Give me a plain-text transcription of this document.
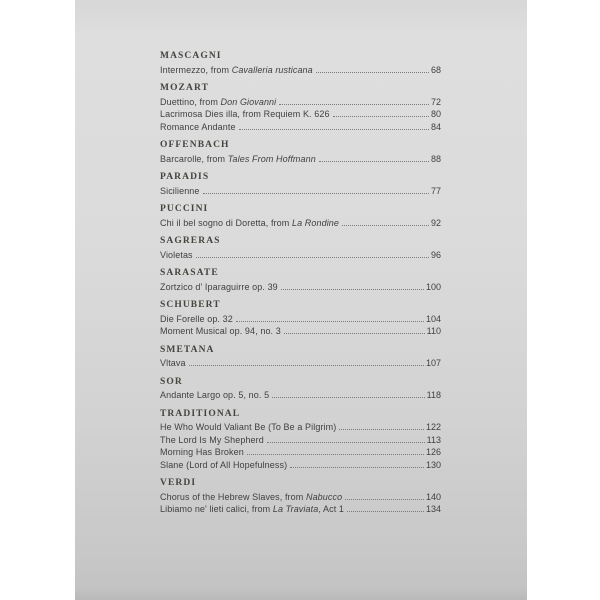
MASCAGNI
Intermezzo, from Cavalleria rusticana	68
MOZART
Duettino, from Don Giovanni	72
Lacrimosa Dies illa, from Requiem K. 626	80
Romance Andante	84
OFFENBACH
Barcarolle, from Tales From Hoffmann	88
PARADIS
Sicilienne	77
PUCCINI
Chi il bel sogno di Doretta, from La Rondine	92
SAGRERAS
Violetas	96
SARASATE
Zortzico d' Iparaguirre op. 39	100
SCHUBERT
Die Forelle op. 32	104
Moment Musical op. 94, no. 3	110
SMETANA
Vltava	107
SOR
Andante Largo op. 5, no. 5	118
TRADITIONAL
He Who Would Valiant Be (To Be a Pilgrim)	122
The Lord Is My Shepherd	113
Morning Has Broken	126
Slane (Lord of All Hopefulness)	130
VERDI
Chorus of the Hebrew Slaves, from Nabucco	140
Libiamo ne' lieti calici, from La Traviata, Act 1	134
